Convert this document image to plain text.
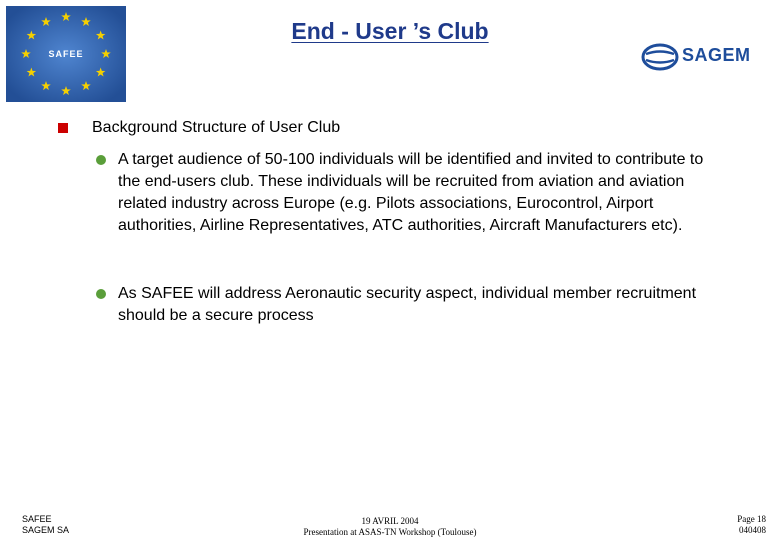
SAFEE
End - User ’s Club
SAGEM
Background Structure of User Club
A target audience of 50-100 individuals will be identified and invited to contribute to the end-users club. These individuals will be recruited from aviation and aviation related industry across Europe (e.g. Pilots associations, Eurocontrol, Airport authorities, Airline Representatives, ATC authorities, Aircraft Manufacturers etc).
As SAFEE will address Aeronautic security aspect, individual member recruitment should be a secure process
SAFEE
SAGEM SA
19 AVRIL 2004
Presentation at ASAS-TN Workshop (Toulouse)
Page 18
040408
